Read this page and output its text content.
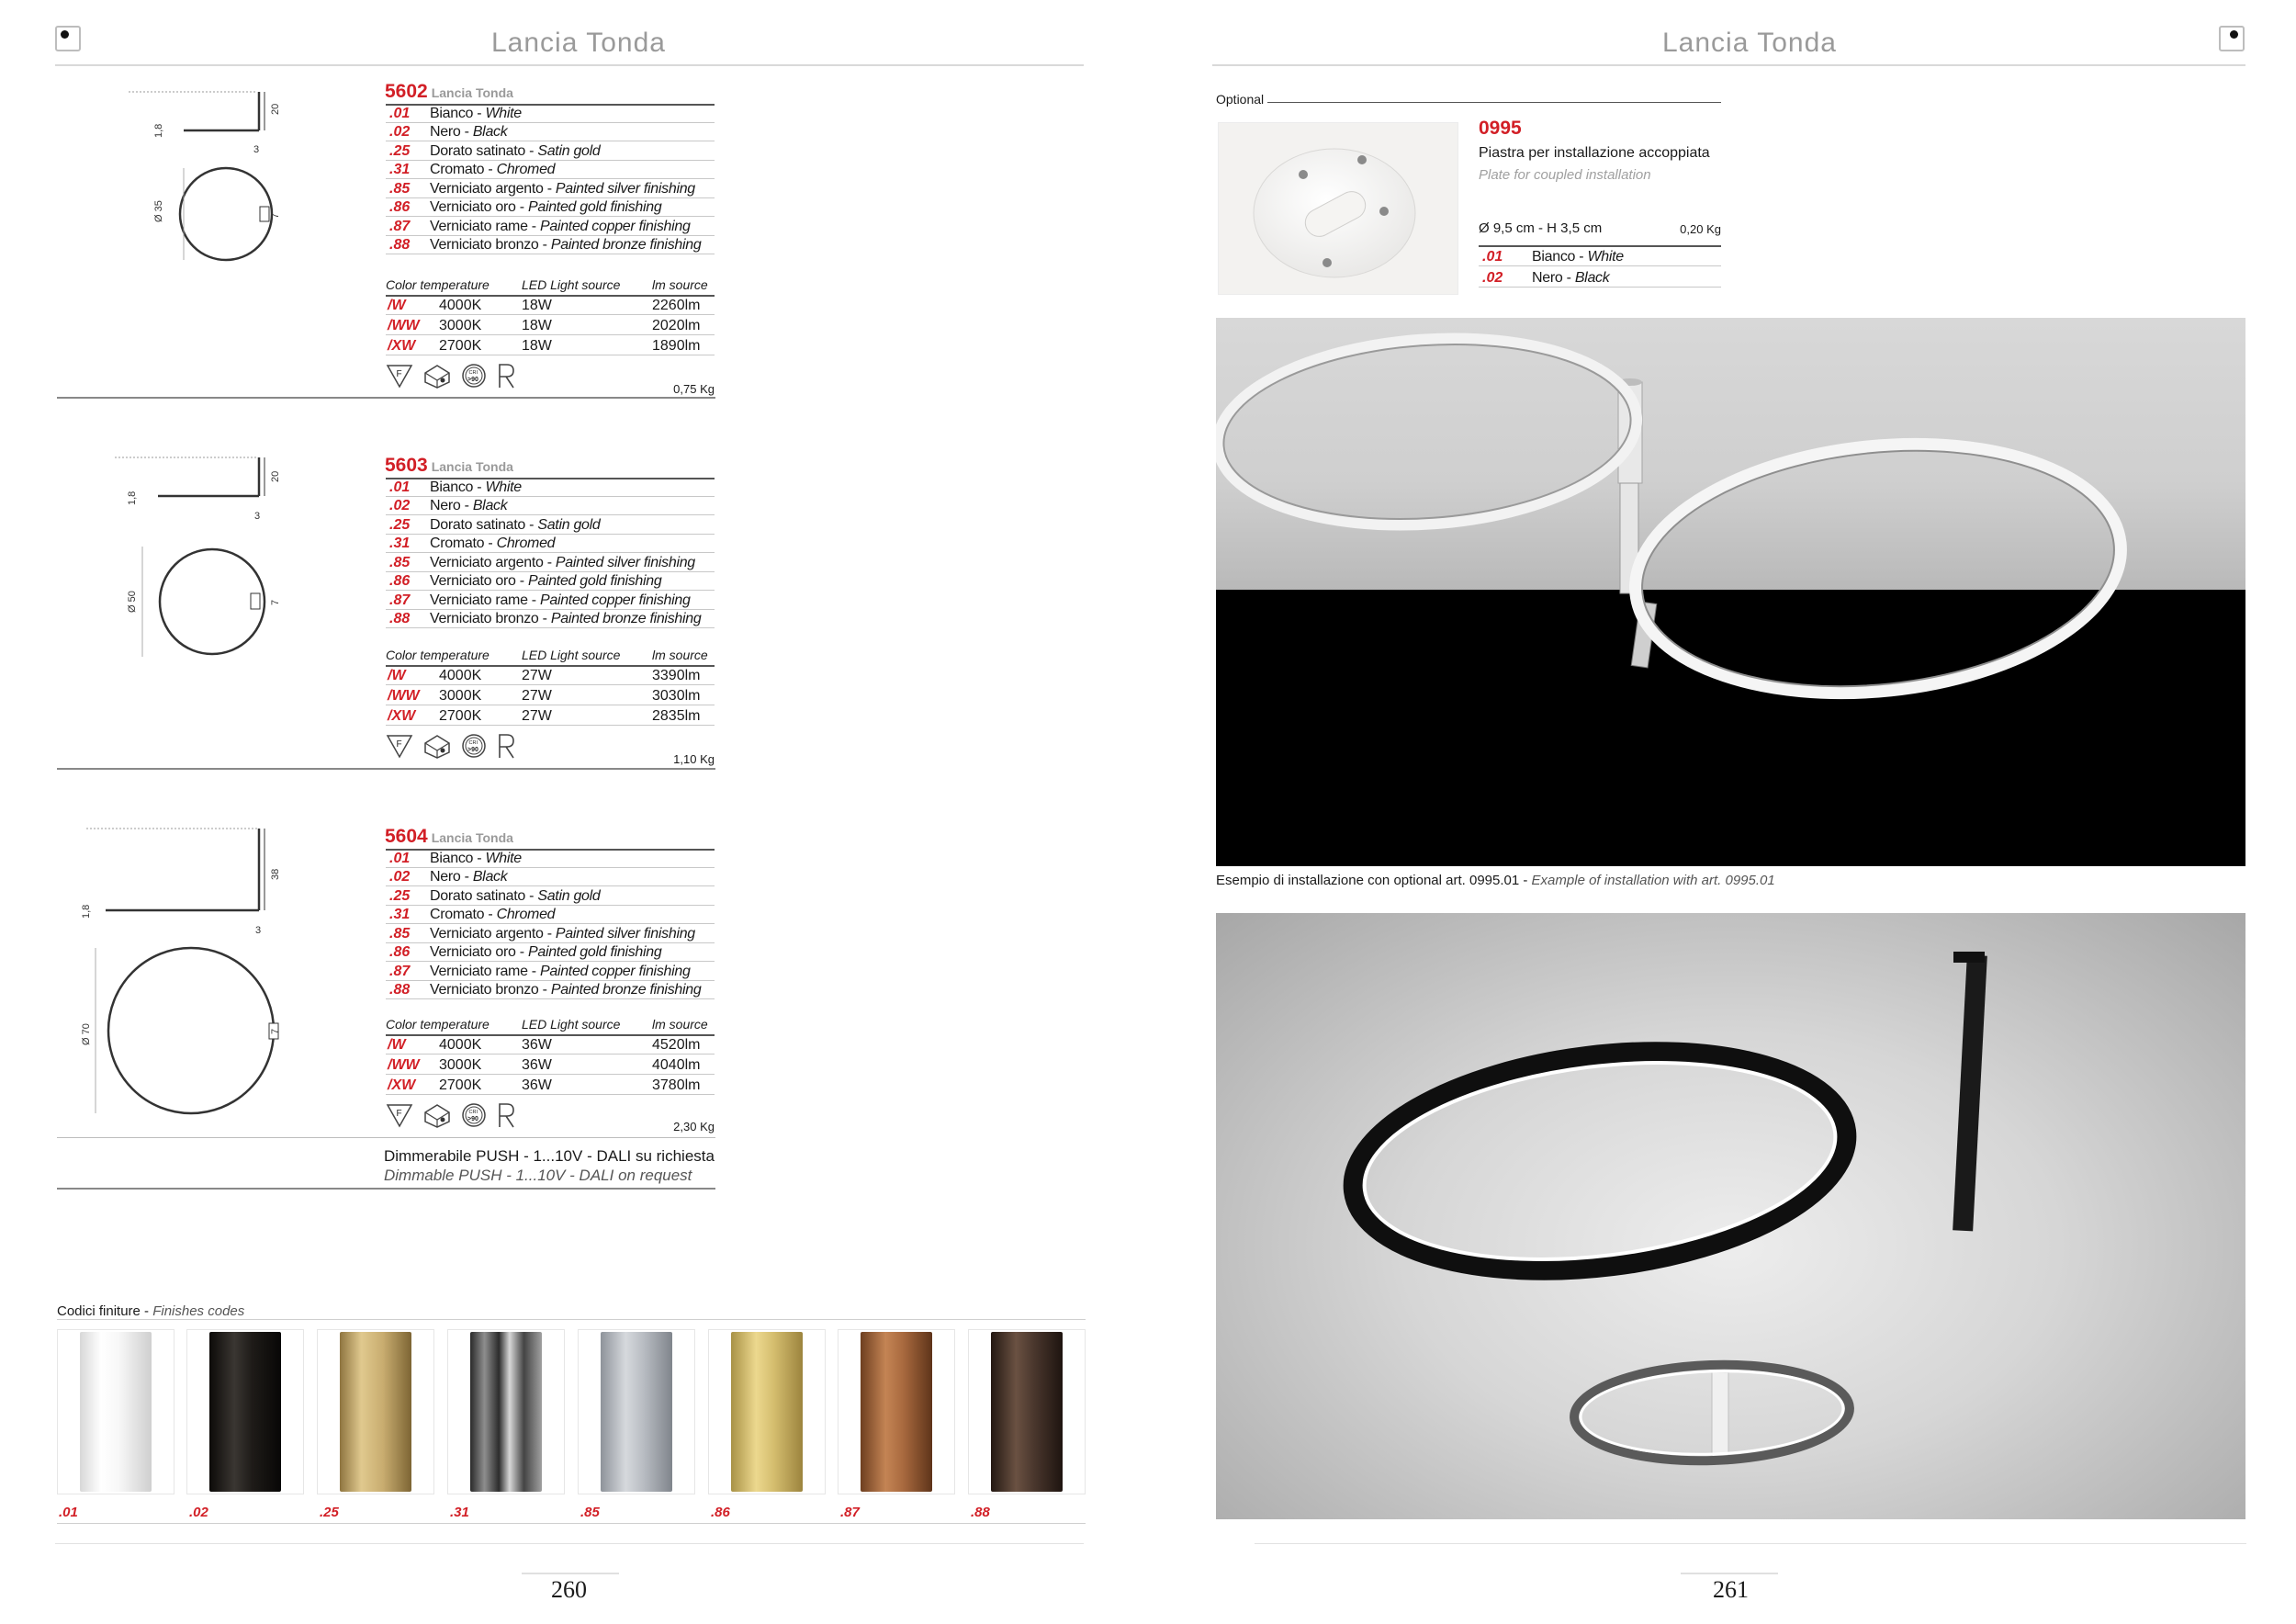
Lancia Tonda
20
1,8
3
Ø 35	7
5602 Lancia Tonda
.01	Bianco - White
.02	Nero - Black
.25	Dorato satinato - Satin gold
.31	Cromato - Chromed
.85	Verniciato argento - Painted silver finishing
.86	Verniciato oro - Painted gold finishing
.87	Verniciato rame - Painted copper finishing
.88	Verniciato bronzo - Painted bronze finishing
Color temperature	LED Light source	lm source
/W	4000K	18W	2260lm
/WW	3000K	18W	2020lm
/XW	2700K	18W	1890lm
F	CRI
>90
0,75 Kg
20
1,8
3
Ø 50	7
5603 Lancia Tonda
.01	Bianco - White
.02	Nero - Black
.25	Dorato satinato - Satin gold
.31	Cromato - Chromed
.85	Verniciato argento - Painted silver finishing
.86	Verniciato oro - Painted gold finishing
.87	Verniciato rame - Painted copper finishing
.88	Verniciato bronzo - Painted bronze finishing
Color temperature	LED Light source	lm source
/W	4000K	27W	3390lm
/WW	3000K	27W	3030lm
/XW	2700K	27W	2835lm
F	CRI
>90
1,10 Kg
38
1,8
3
Ø 70	7
5604 Lancia Tonda
.01	Bianco - White
.02	Nero - Black
.25	Dorato satinato - Satin gold
.31	Cromato - Chromed
.85	Verniciato argento - Painted silver finishing
.86	Verniciato oro - Painted gold finishing
.87	Verniciato rame - Painted copper finishing
.88	Verniciato bronzo - Painted bronze finishing
Color temperature	LED Light source	lm source
/W	4000K	36W	4520lm
/WW	3000K	36W	4040lm
/XW	2700K	36W	3780lm
F	CRI
>90
2,30 Kg
Dimmerabile PUSH - 1...10V - DALI su richiesta
Dimmable PUSH - 1...10V - DALI on request
Codici finiture - Finishes codes
.01	.02	.25	.31	.85	.86	.87	.88
260
Lancia Tonda
Optional
0995
Piastra per installazione accoppiata
Plate for coupled installation
Ø 9,5 cm - H 3,5 cm	0,20 Kg
.01	Bianco - White
.02	Nero - Black
Esempio di installazione con optional art. 0995.01 - Example of installation with art. 0995.01
261
